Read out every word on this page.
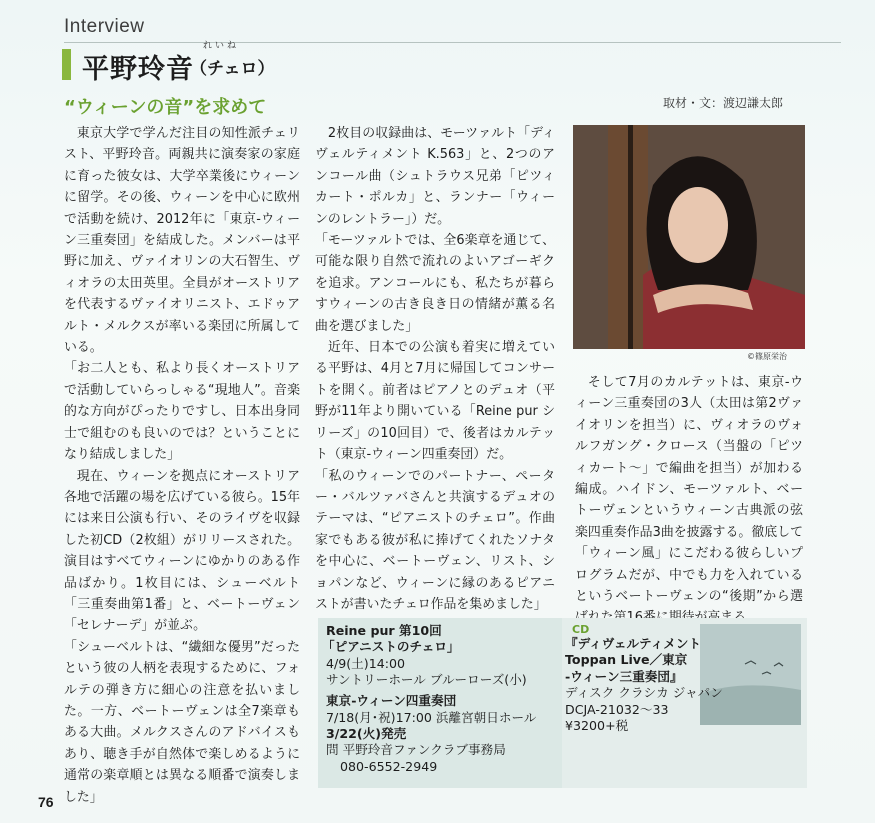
Interview
れいね
平野玲音
（チェロ）
“ウィーンの音”を求めて	取材・文：渡辺謙太郎

東京大学で学んだ注目の知性派チェリスト、平野玲音。両親共に演奏家の家庭に育った彼女は、大学卒業後にウィーンに留学。その後、ウィーンを中心に欧州で活動を続け、2012年に「東京-ウィーン三重奏団」を結成した。メンバーは平野に加え、ヴァイオリンの大石智生、ヴィオラの太田英里。全員がオーストリアを代表するヴァイオリニスト、エドゥアルト・メルクスが率いる楽団に所属している。

「お二人とも、私より長くオーストリアで活動していらっしゃる“現地人”。音楽的な方向がぴったりですし、日本出身同士で組むのも良いのでは？ということになり結成しました」

現在、ウィーンを拠点にオーストリア各地で活躍の場を広げている彼ら。15年には来日公演も行い、そのライヴを収録した初CD（2枚組）がリリースされた。演目はすべてウィーンにゆかりのある作品ばかり。1枚目には、シューベルト「三重奏曲第1番」と、ベートーヴェン「セレナーデ」が並ぶ。

「シューベルトは、“繊細な優男”だったという彼の人柄を表現するために、フォルテの弾き方に細心の注意を払いました。一方、ベートーヴェンは全7楽章もある大曲。メルクスさんのアドバイスもあり、聴き手が自然体で楽しめるように通常の楽章順とは異なる順番で演奏しました」

2枚目の収録曲は、モーツァルト「ディヴェルティメント K.563」と、2つのアンコール曲（シュトラウス兄弟「ピツィカート・ポルカ」と、ランナー「ウィーンのレントラー」）だ。

「モーツァルトでは、全6楽章を通じて、可能な限り自然で流れのよいアゴーギクを追求。アンコールにも、私たちが暮らすウィーンの古き良き日の情緒が薫る名曲を選びました」

近年、日本での公演も着実に増えている平野は、4月と7月に帰国してコンサートを開く。前者はピアノとのデュオ（平野が11年より開いている「Reine pur シリーズ」の10回目）で、後者はカルテット（東京-ウィーン四重奏団）だ。

「私のウィーンでのパートナー、ペーター・バルツァバさんと共演するデュオのテーマは、“ピアニストのチェロ”。作曲家でもある彼が私に捧げてくれたソナタを中心に、ベートーヴェン、リスト、ショパンなど、ウィーンに縁のあるピアニストが書いたチェロ作品を集めました」

©篠原栄治

そして7月のカルテットは、東京-ウィーン三重奏団の3人（太田は第2ヴァイオリンを担当）に、ヴィオラのヴォルフガング・クロース（当盤の「ピツィカート〜」で編曲を担当）が加わる編成。ハイドン、モーツァルト、ベートーヴェンというウィーン古典派の弦楽四重奏作品3曲を披露する。徹底して「ウィーン風」にこだわる彼らしいプログラムだが、中でも力を入れているというベートーヴェンの“後期”から選

Reine pur 第10回
「ピアニストのチェロ」
4/9(土)14:00
サントリーホール ブルーローズ(小)
東京-ウィーン四重奏団
7/18(月･祝)17:00 浜離宮朝日ホール
3/22(火)発売
問 平野玲音ファンクラブ事務局
080-6552-2949
CD
『ディヴェルティメント
Toppan Live／東京
-ウィーン三重奏団』
ディスク クラシカ ジャパン
DCJA-21032〜33
¥3200+税
76
